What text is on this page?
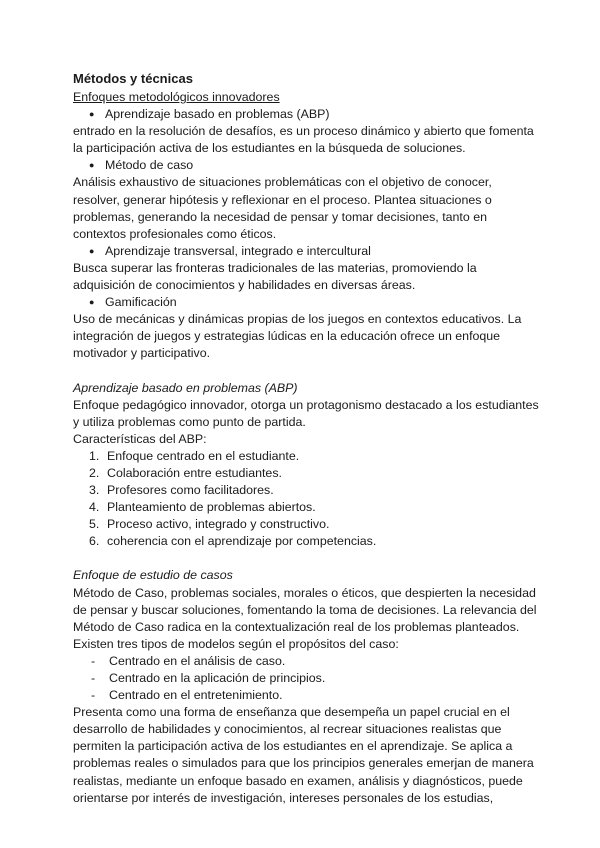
Métodos y técnicas
Enfoques metodológicos innovadores
● Aprendizaje basado en problemas (ABP)
entrado en la resolución de desafíos, es un proceso dinámico y abierto que fomenta
la participación activa de los estudiantes en la búsqueda de soluciones.
● Método de caso
Análisis exhaustivo de situaciones problemáticas con el objetivo de conocer,
resolver, generar hipótesis y reflexionar en el proceso. Plantea situaciones o
problemas, generando la necesidad de pensar y tomar decisiones, tanto en
contextos profesionales como éticos.
● Aprendizaje transversal, integrado e intercultural
Busca superar las fronteras tradicionales de las materias, promoviendo la
adquisición de conocimientos y habilidades en diversas áreas.
● Gamificación
Uso de mecánicas y dinámicas propias de los juegos en contextos educativos. La
integración de juegos y estrategias lúdicas en la educación ofrece un enfoque
motivador y participativo.
Aprendizaje basado en problemas (ABP)
Enfoque pedagógico innovador, otorga un protagonismo destacado a los estudiantes
y utiliza problemas como punto de partida.
Características del ABP:
1. Enfoque centrado en el estudiante.
2. Colaboración entre estudiantes.
3. Profesores como facilitadores.
4. Planteamiento de problemas abiertos.
5. Proceso activo, integrado y constructivo.
6. coherencia con el aprendizaje por competencias.
Enfoque de estudio de casos
Método de Caso, problemas sociales, morales o éticos, que despierten la necesidad
de pensar y buscar soluciones, fomentando la toma de decisiones. La relevancia del
Método de Caso radica en la contextualización real de los problemas planteados.
Existen tres tipos de modelos según el propósitos del caso:
-	Centrado en el análisis de caso.
-	Centrado en la aplicación de principios.
-	Centrado en el entretenimiento.
Presenta como una forma de enseñanza que desempeña un papel crucial en el
desarrollo de habilidades y conocimientos, al recrear situaciones realistas que
permiten la participación activa de los estudiantes en el aprendizaje. Se aplica a
problemas reales o simulados para que los principios generales emerjan de manera
realistas, mediante un enfoque basado en examen, análisis y diagnósticos, puede
orientarse por interés de investigación, intereses personales de los estudias,
